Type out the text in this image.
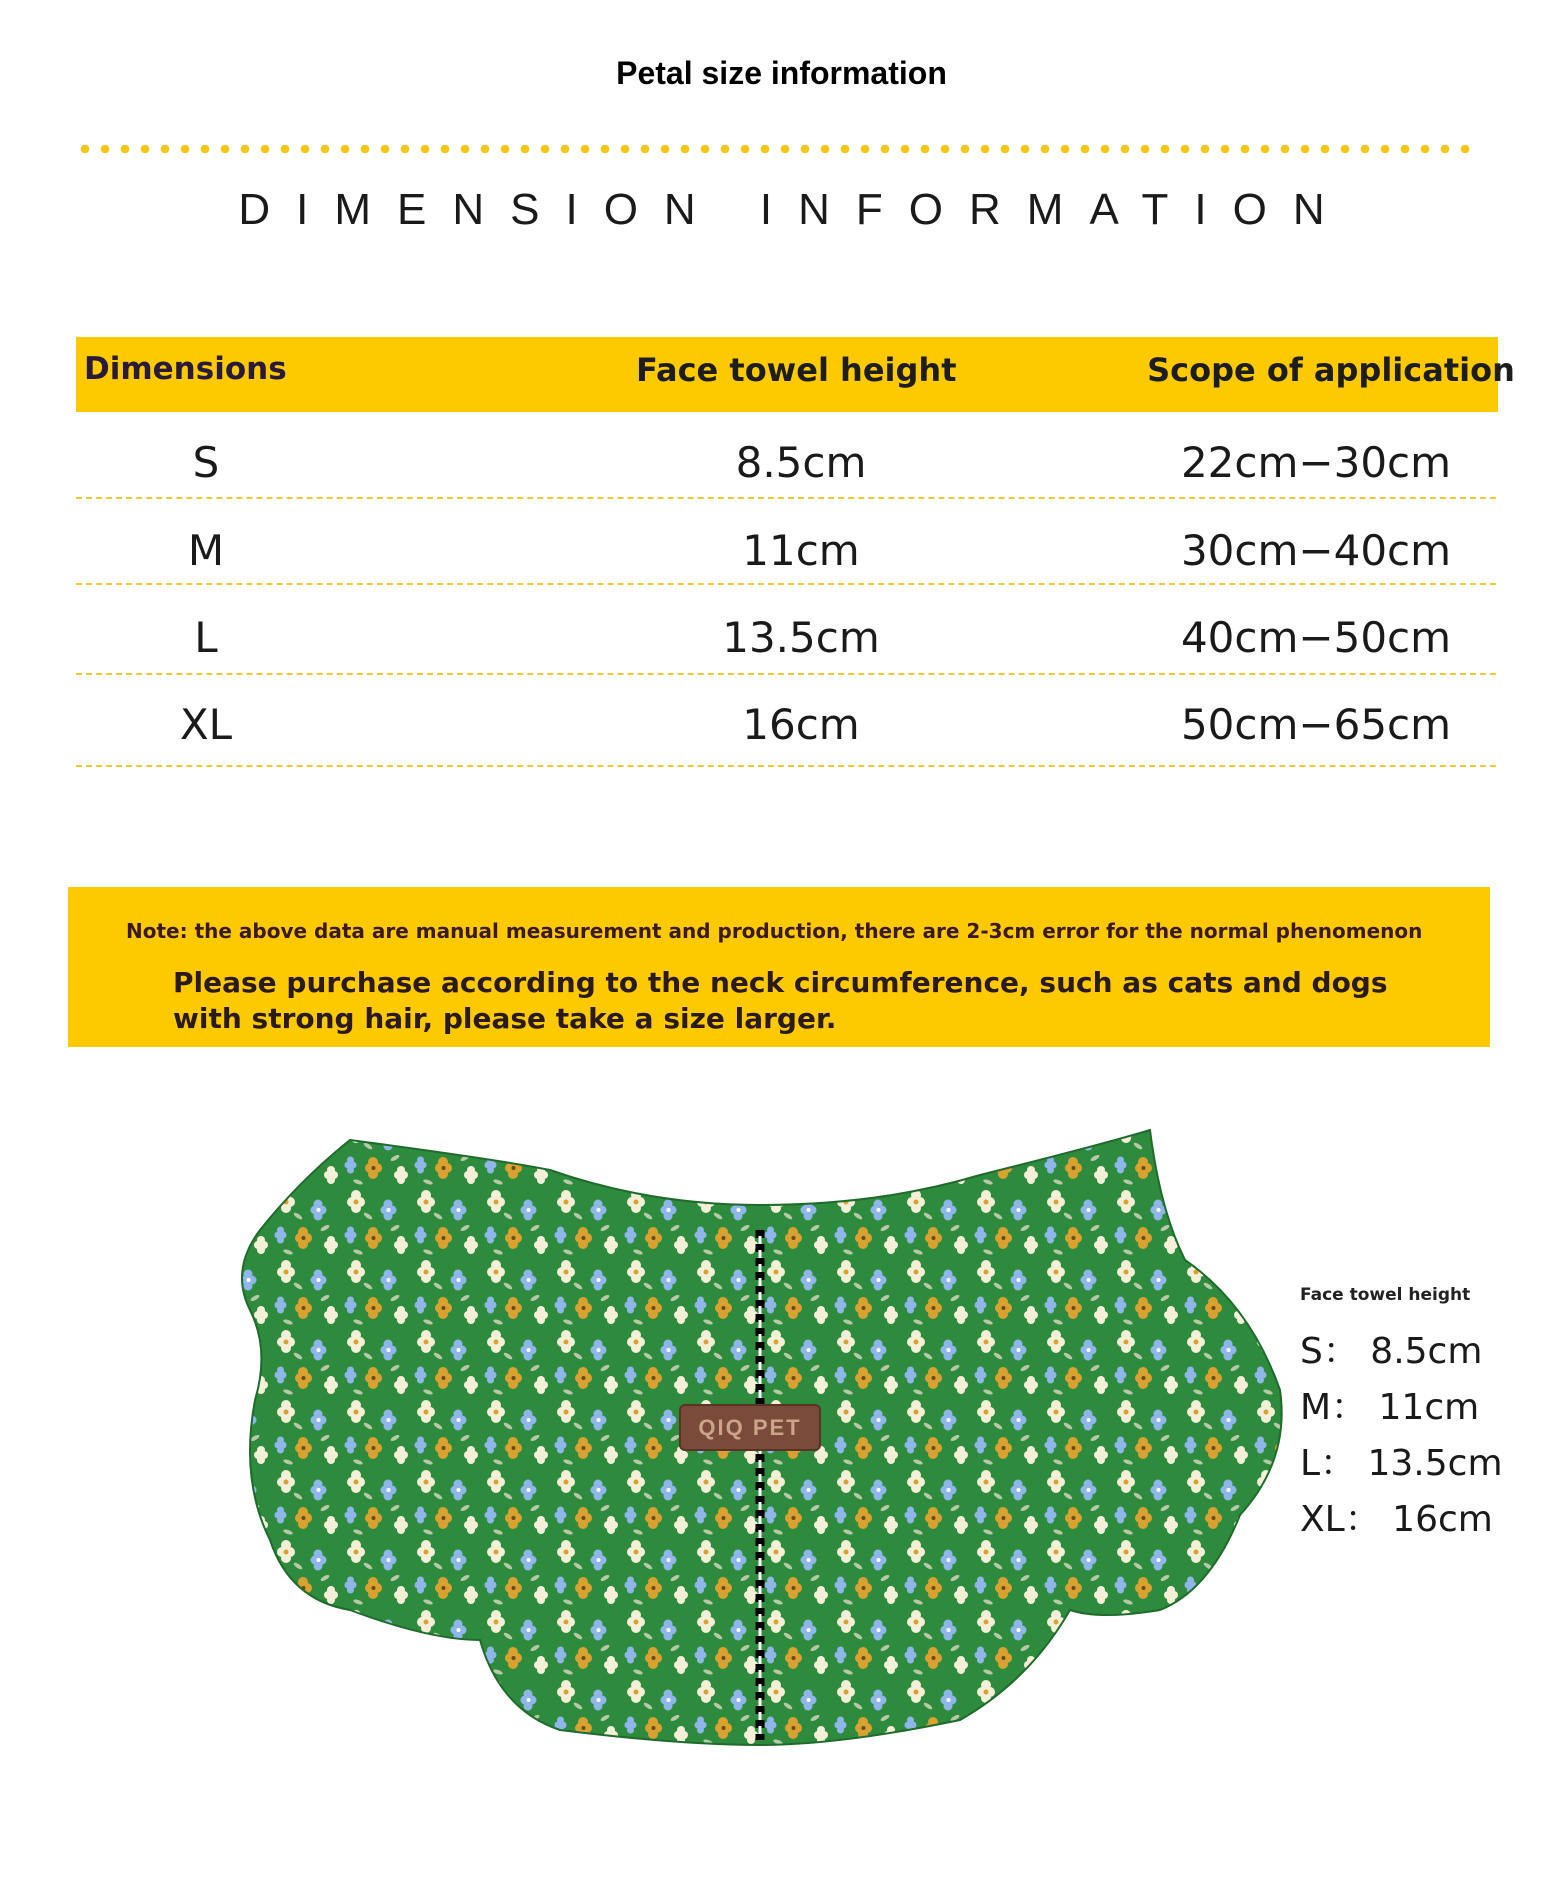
Petal size information
DIMENSION INFORMATION
Dimensions	Face towel height	Scope of application
S	8.5cm	22cm−30cm
M	11cm	30cm−40cm
L	13.5cm	40cm−50cm
XL	16cm	50cm−65cm
Note: the above data are manual measurement and production, there are 2-3cm error for the normal phenomenon
Please purchase according to the neck circumference, such as cats and dogs with strong hair, please take a size larger.
QIQ PET
Face towel height
S： 8.5cm
M： 11cm
L： 13.5cm
XL： 16cm
